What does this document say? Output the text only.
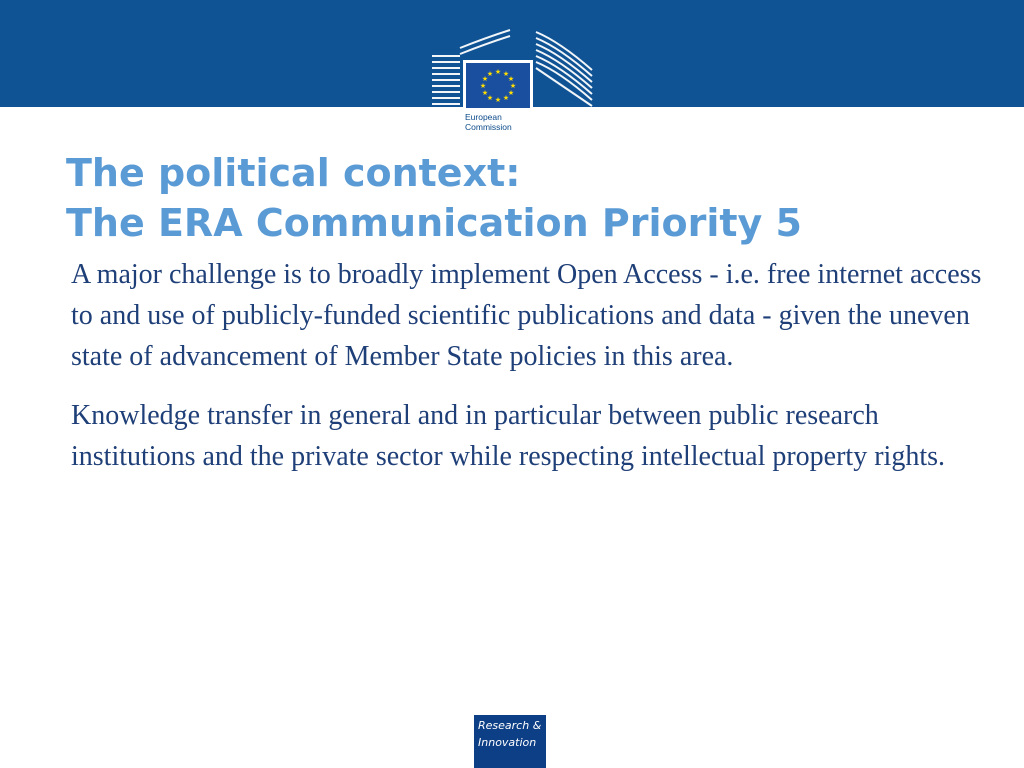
★ ★
★
★
★
★
★
★
★
★
★
★
European
Commission
The political context:
The ERA Communication Priority 5

A major challenge is to broadly implement Open Access - i.e. free internet access to and use of publicly-funded scientific publications and data - given the uneven state of advancement of Member State policies in this area.

Knowledge transfer in general and in particular between public research institutions and the private sector while respecting intellectual property rights.

Research &
Innovation
